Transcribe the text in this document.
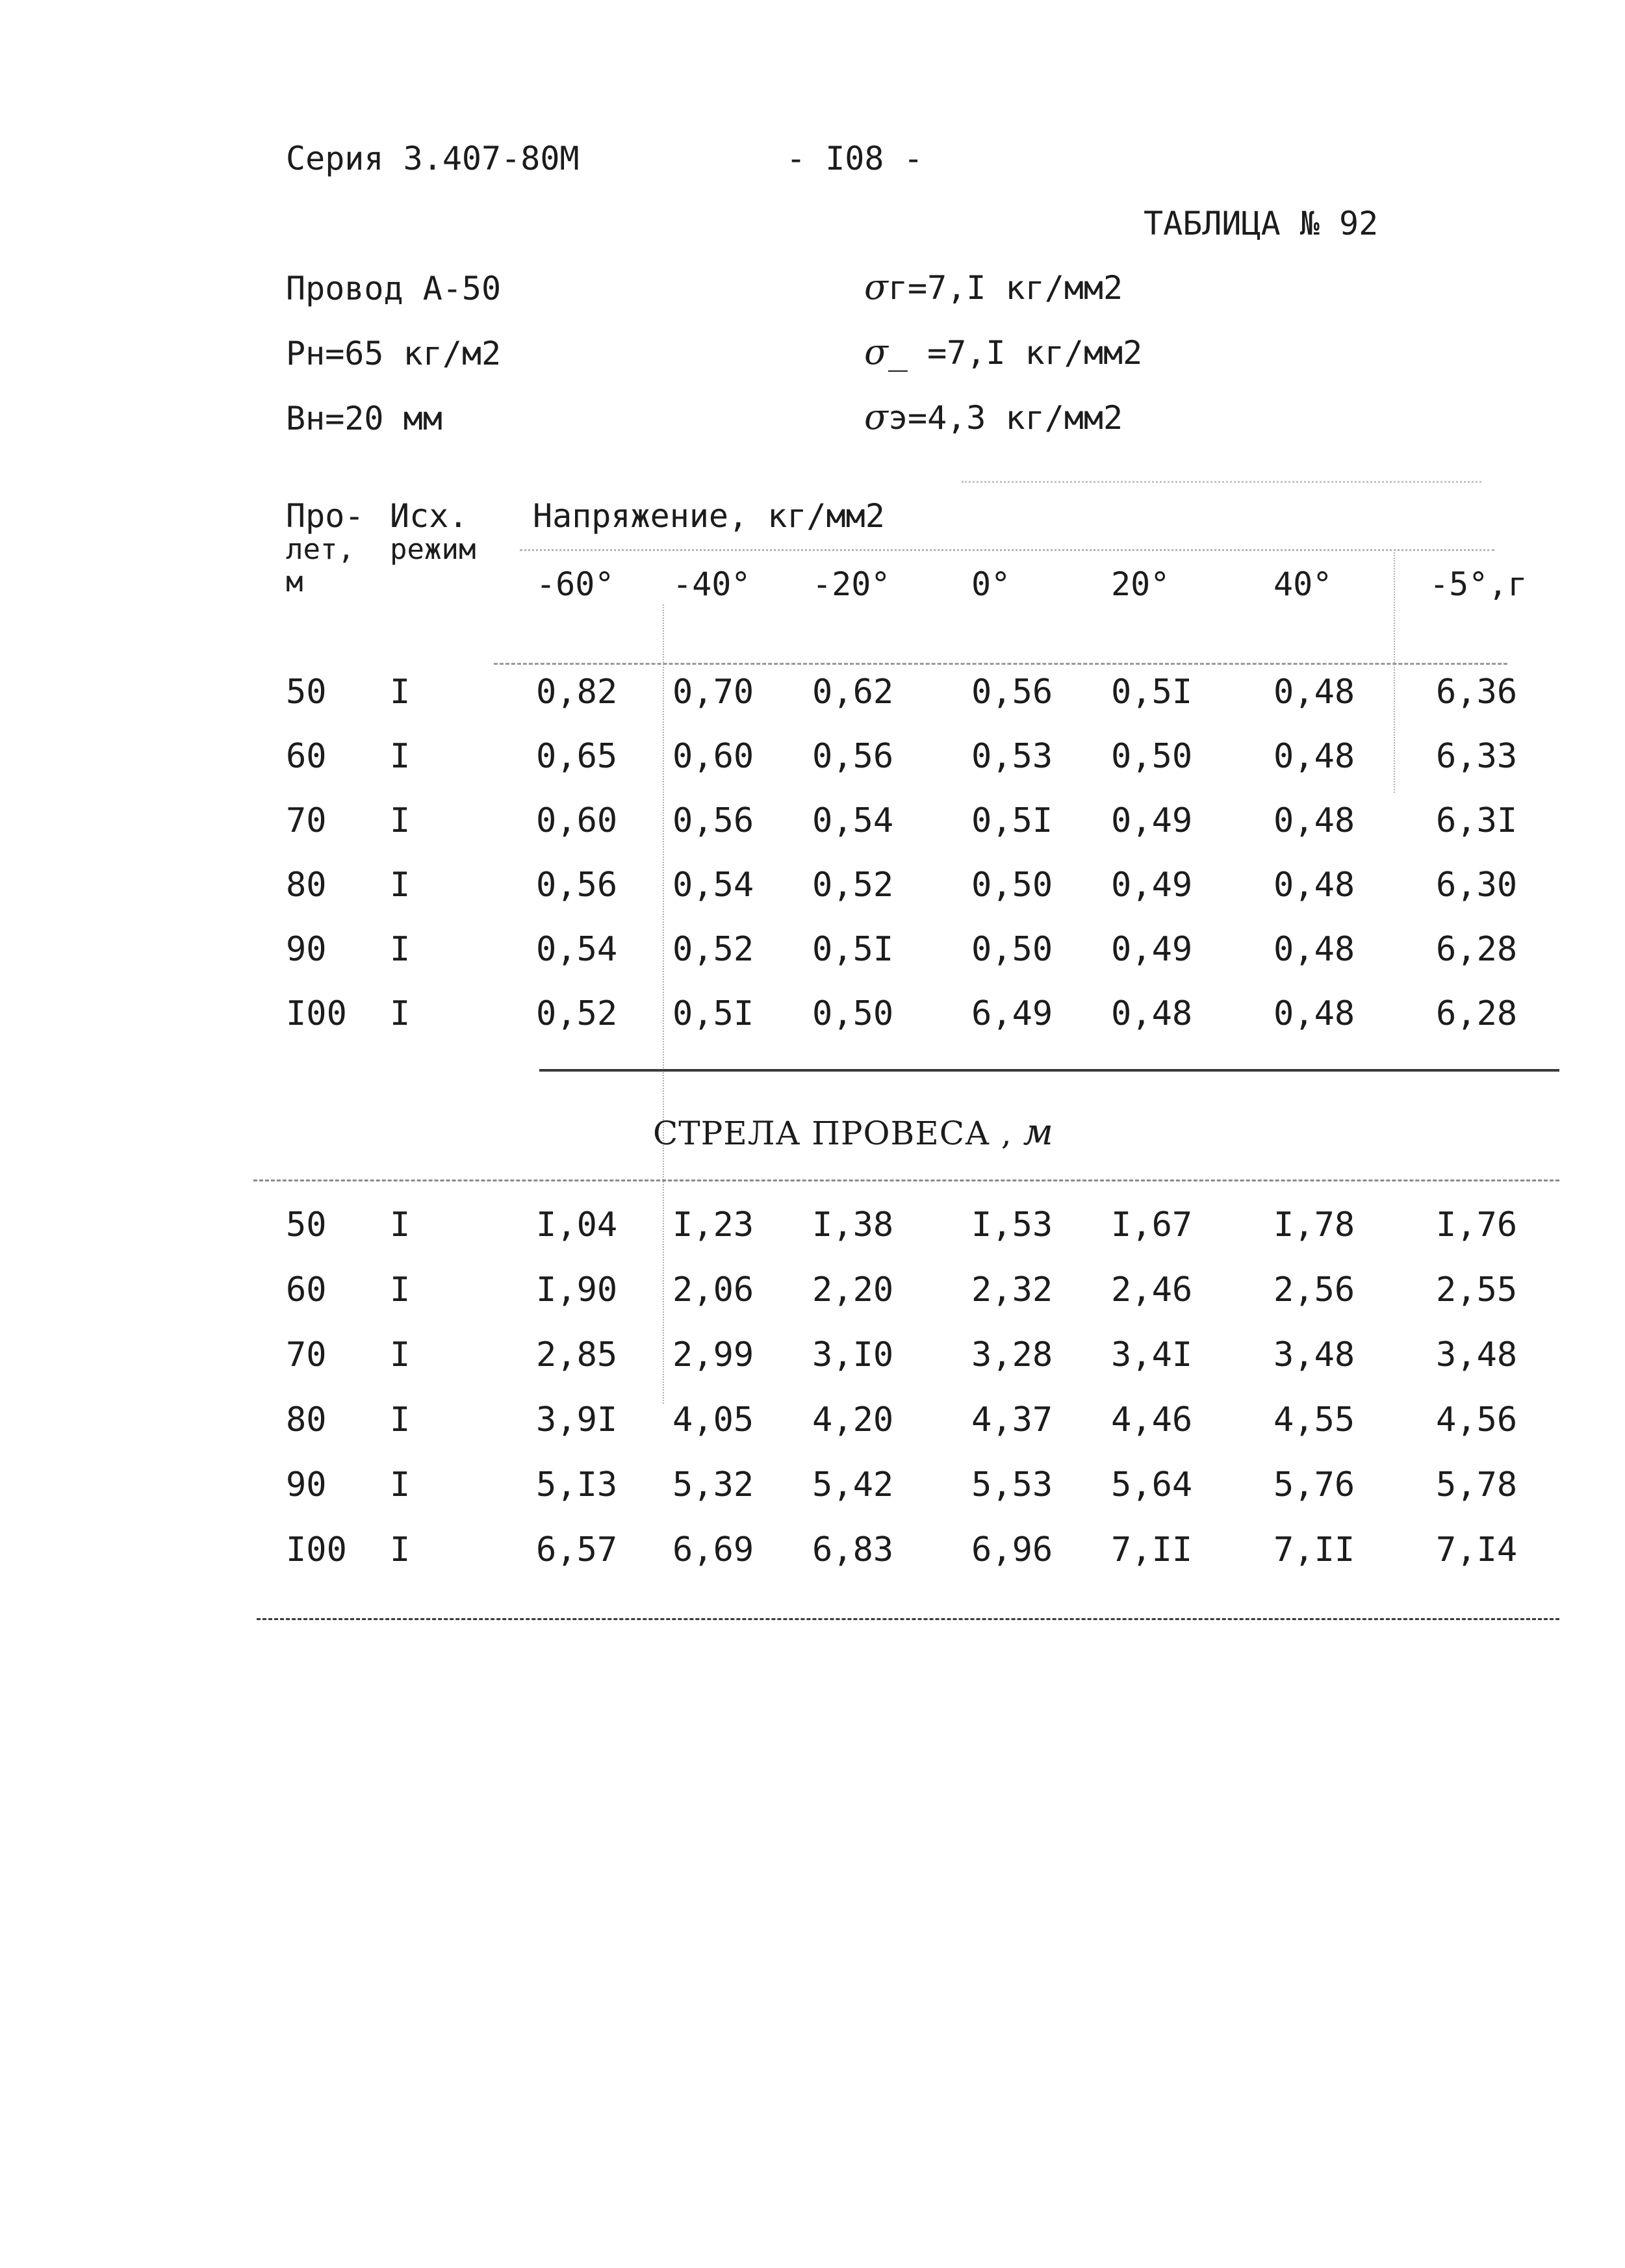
Серия 3.407-80М	- I08 -
ТАБЛИЦА № 92
Провод А-50
Рн=65 кг/м2
Вн=20 мм
σг=7,I кг/мм2
σ_ =7,I кг/мм2
σэ=4,3 кг/мм2
Про-
лет,
м
Исх.
режим
Напряжение, кг/мм2
-60° -40° -20° 0°	20°	40°	-5°,г
50 I	0,82 0,70 0,62 0,56 0,5I 0,48 6,36
60 I	0,65 0,60 0,56 0,53 0,50 0,48 6,33
70 I	0,60 0,56 0,54 0,5I 0,49 0,48 6,3I
80 I	0,56 0,54 0,52 0,50 0,49 0,48 6,30
90 I	0,54 0,52 0,5I 0,50 0,49 0,48 6,28
I00 I	0,52 0,5I 0,50 6,49 0,48 0,48 6,28
СТРЕЛА ПРОВЕСА , м
50 I	I,04 I,23 I,38 I,53 I,67 I,78 I,76
60 I	I,90 2,06 2,20 2,32 2,46 2,56 2,55
70 I	2,85 2,99 3,I0 3,28 3,4I 3,48 3,48
80 I	3,9I 4,05 4,20 4,37 4,46 4,55 4,56
90 I	5,I3 5,32 5,42 5,53 5,64 5,76 5,78
I00 I	6,57 6,69 6,83 6,96 7,II 7,II 7,I4
